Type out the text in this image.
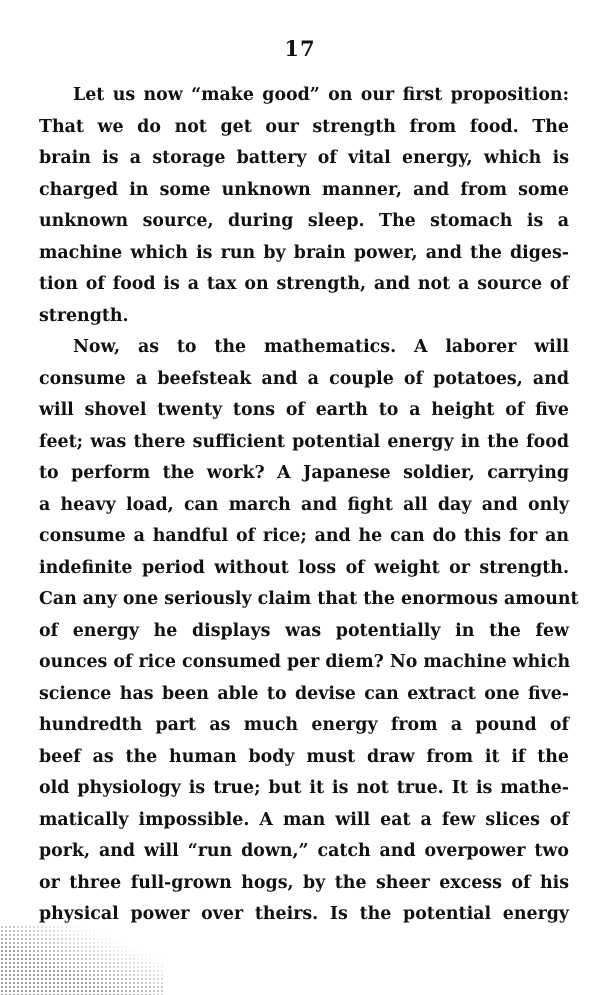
17
Let us now “make good” on our first proposition:
That we do not get our strength from food. The
brain is a storage battery of vital energy, which is
charged in some unknown manner, and from some
unknown source, during sleep. The stomach is a
machine which is run by brain power, and the diges-
tion of food is a tax on strength, and not a source of
strength.
Now, as to the mathematics. A laborer will
consume a beefsteak and a couple of potatoes, and
will shovel twenty tons of earth to a height of five
feet; was there sufficient potential energy in the food
to perform the work? A Japanese soldier, carrying
a heavy load, can march and fight all day and only
consume a handful of rice; and he can do this for an
indefinite period without loss of weight or strength.
Can any one seriously claim that the enormous amount
of energy he displays was potentially in the few
ounces of rice consumed per diem? No machine which
science has been able to devise can extract one five-
hundredth part as much energy from a pound of
beef as the human body must draw from it if the
old physiology is true; but it is not true. It is mathe-
matically impossible. A man will eat a few slices of
pork, and will “run down,” catch and overpower two
or three full-grown hogs, by the sheer excess of his
physical power over theirs. Is the potential energy
